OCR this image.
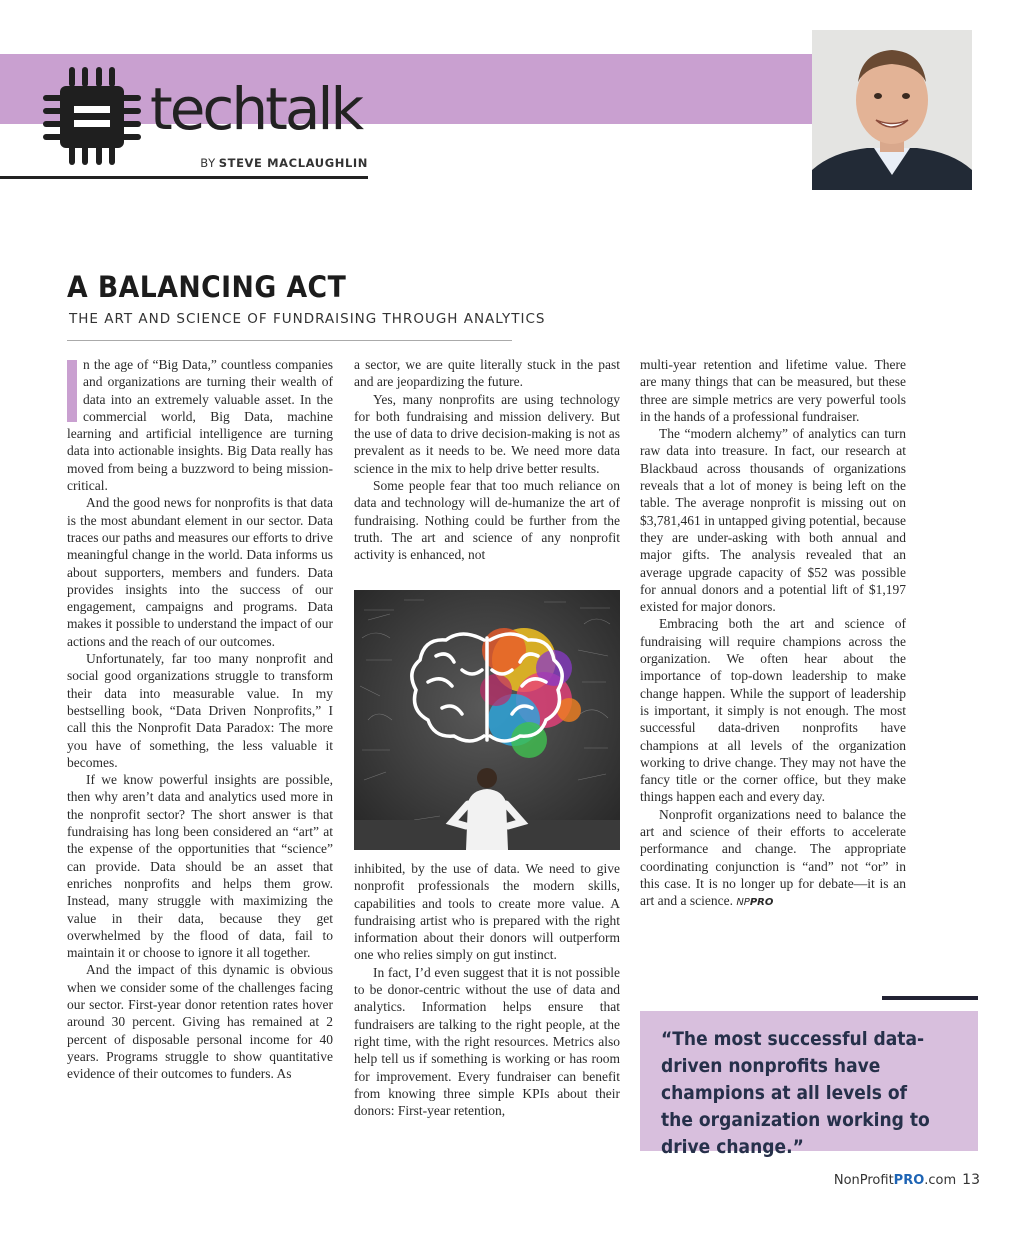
techtalk
BY STEVE MACLAUGHLIN
A BALANCING ACT
THE ART AND SCIENCE OF FUNDRAISING THROUGH ANALYTICS

n the age of “Big Data,” countless companies and organizations are turning their wealth of data into an extremely valuable asset. In the commercial world, Big Data, machine learning and artificial intelligence are turning data into actionable insights. Big Data really has moved from being a buzzword to being mission-critical.

And the good news for nonprofits is that data is the most abundant element in our sector. Data traces our paths and measures our efforts to drive meaningful change in the world. Data informs us about supporters, members and funders. Data provides insights into the success of our engagement, campaigns and programs. Data makes it possible to understand the impact of our actions and the reach of our outcomes.

Unfortunately, far too many nonprofit and social good organizations struggle to transform their data into measurable value. In my bestselling book, “Data Driven Nonprofits,” I call this the Nonprofit Data Paradox: The more you have of something, the less valuable it becomes.

If we know powerful insights are possible, then why aren’t data and analytics used more in the nonprofit sector? The short answer is that fundraising has long been considered an “art” at the expense of the opportunities that “science” can provide. Data should be an asset that enriches nonprofits and helps them grow. Instead, many struggle with maximizing the value in their data, because they get overwhelmed by the flood of data, fail to maintain it or choose to ignore it all together.

And the impact of this dynamic is obvious when we consider some of the challenges facing our sector. First-year donor retention rates hover around 30 percent. Giving has remained at 2 percent of disposable personal income for 40 years. Programs struggle to show quantitative evidence of their outcomes to funders. As

a sector, we are quite literally stuck in the past and are jeopardizing the future.

Yes, many nonprofits are using technology for both fundraising and mission delivery. But the use of data to drive decision-making is not as prevalent as it needs to be. We need more data science in the mix to help drive better results.

Some people fear that too much reliance on data and technology will de-humanize the art of fundraising. Nothing could be further from the truth. The art and science of any nonprofit activity is enhanced, not

inhibited, by the use of data. We need to give nonprofit professionals the modern skills, capabilities and tools to create more value. A fundraising artist who is prepared with the right information about their donors will outperform one who relies simply on gut instinct.

In fact, I’d even suggest that it is not possible to be donor-centric without the use of data and analytics. Information helps ensure that fundraisers are talking to the right people, at the right time, with the right resources. Metrics also help tell us if something is working or has room for improvement. Every fundraiser can benefit from knowing three simple KPIs about their donors: First-year retention,

multi-year retention and lifetime value. There are many things that can be measured, but these three are simple metrics are very powerful tools in the hands of a professional fundraiser.

The “modern alchemy” of analytics can turn raw data into treasure. In fact, our research at Blackbaud across thousands of organizations reveals that a lot of money is being left on the table. The average nonprofit is missing out on $3,781,461 in untapped giving potential, because they are under-asking with both annual and major gifts. The analysis revealed that an average upgrade capacity of $52 was possible for annual donors and a potential lift of $1,197 existed for major donors.

Embracing both the art and science of fundraising will require champions across the organization. We often hear about the importance of top-down leadership to make change happen. While the support of leadership is important, it simply is not enough. The most successful data-driven nonprofits have champions at all levels of the organization working to drive change. They may not have the fancy title or the corner office, but they make things happen each and every day.

Nonprofit organizations need to balance the art and science of their efforts to accelerate performance and change. The appropriate coordinating conjunction is “and” not “or” in this case. It is no longer up for debate—it is an art and a science. NPPRO

“The most successful data-driven nonprofits have champions at all levels of the organization working to drive change.”

NonProfitPRO.com 13
